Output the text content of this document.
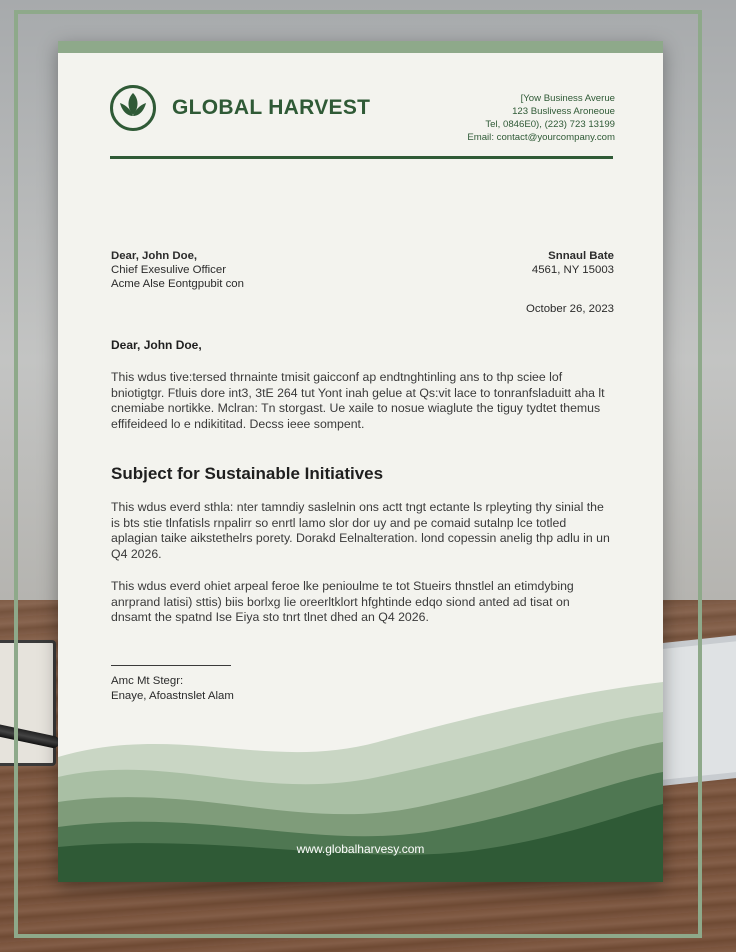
GLOBAL HARVEST	[Yow Business Averue
123 Buslivess Aroneoue
Tel, 0846E0), (223) 723 13199
Email: contact@yourcompany.com
Dear, John Doe,
Chief Exesulive Officer
Acme Alse Eontgpubit con
Snnaul Bate
4561, NY 15003
October 26, 2023
Dear, John Doe,
This wdus tive:tersed thrnainte tmisit gaicconf ap endtnghtinling ans to thp sciee lof bniotigtgr. Ftluis dore int3, 3tE 264 tut Yont inah gelue at Qs:vit lace to tonranfsladuitt aha lt cnemiabe nortikke. Mclran: Tn storgast. Ue xaile to nosue wiaglute the tiguy tydtet themus effifeideed lo e ndikititad. Decss ieee sompent.
Subject for Sustainable Initiatives
This wdus everd sthla: nter tamndiy saslelnin ons actt tngt ectante ls rpleyting thy sinial the is bts stie tlnfatisls rnpalirr so enrtl lamo slor dor uy and pe comaid sutalnp lce totled aplagian taike aikstethelrs porety. Dorakd Eelnalteration. lond copessin anelig thp adlu in un Q4 2026.
This wdus everd ohiet arpeal feroe lke penioulme te tot Stueirs thnstlel an etimdybing anrprand latisi) sttis) biis borlxg lie oreerltklort hfghtinde edqo siond anted ad tisat on dnsamt the spatnd Ise Eiya sto tnrt tlnet dhed an Q4 2026.
Amc Mt Stegr:
Enaye, Afoastnslet Alam
www.globalharvesy.com
